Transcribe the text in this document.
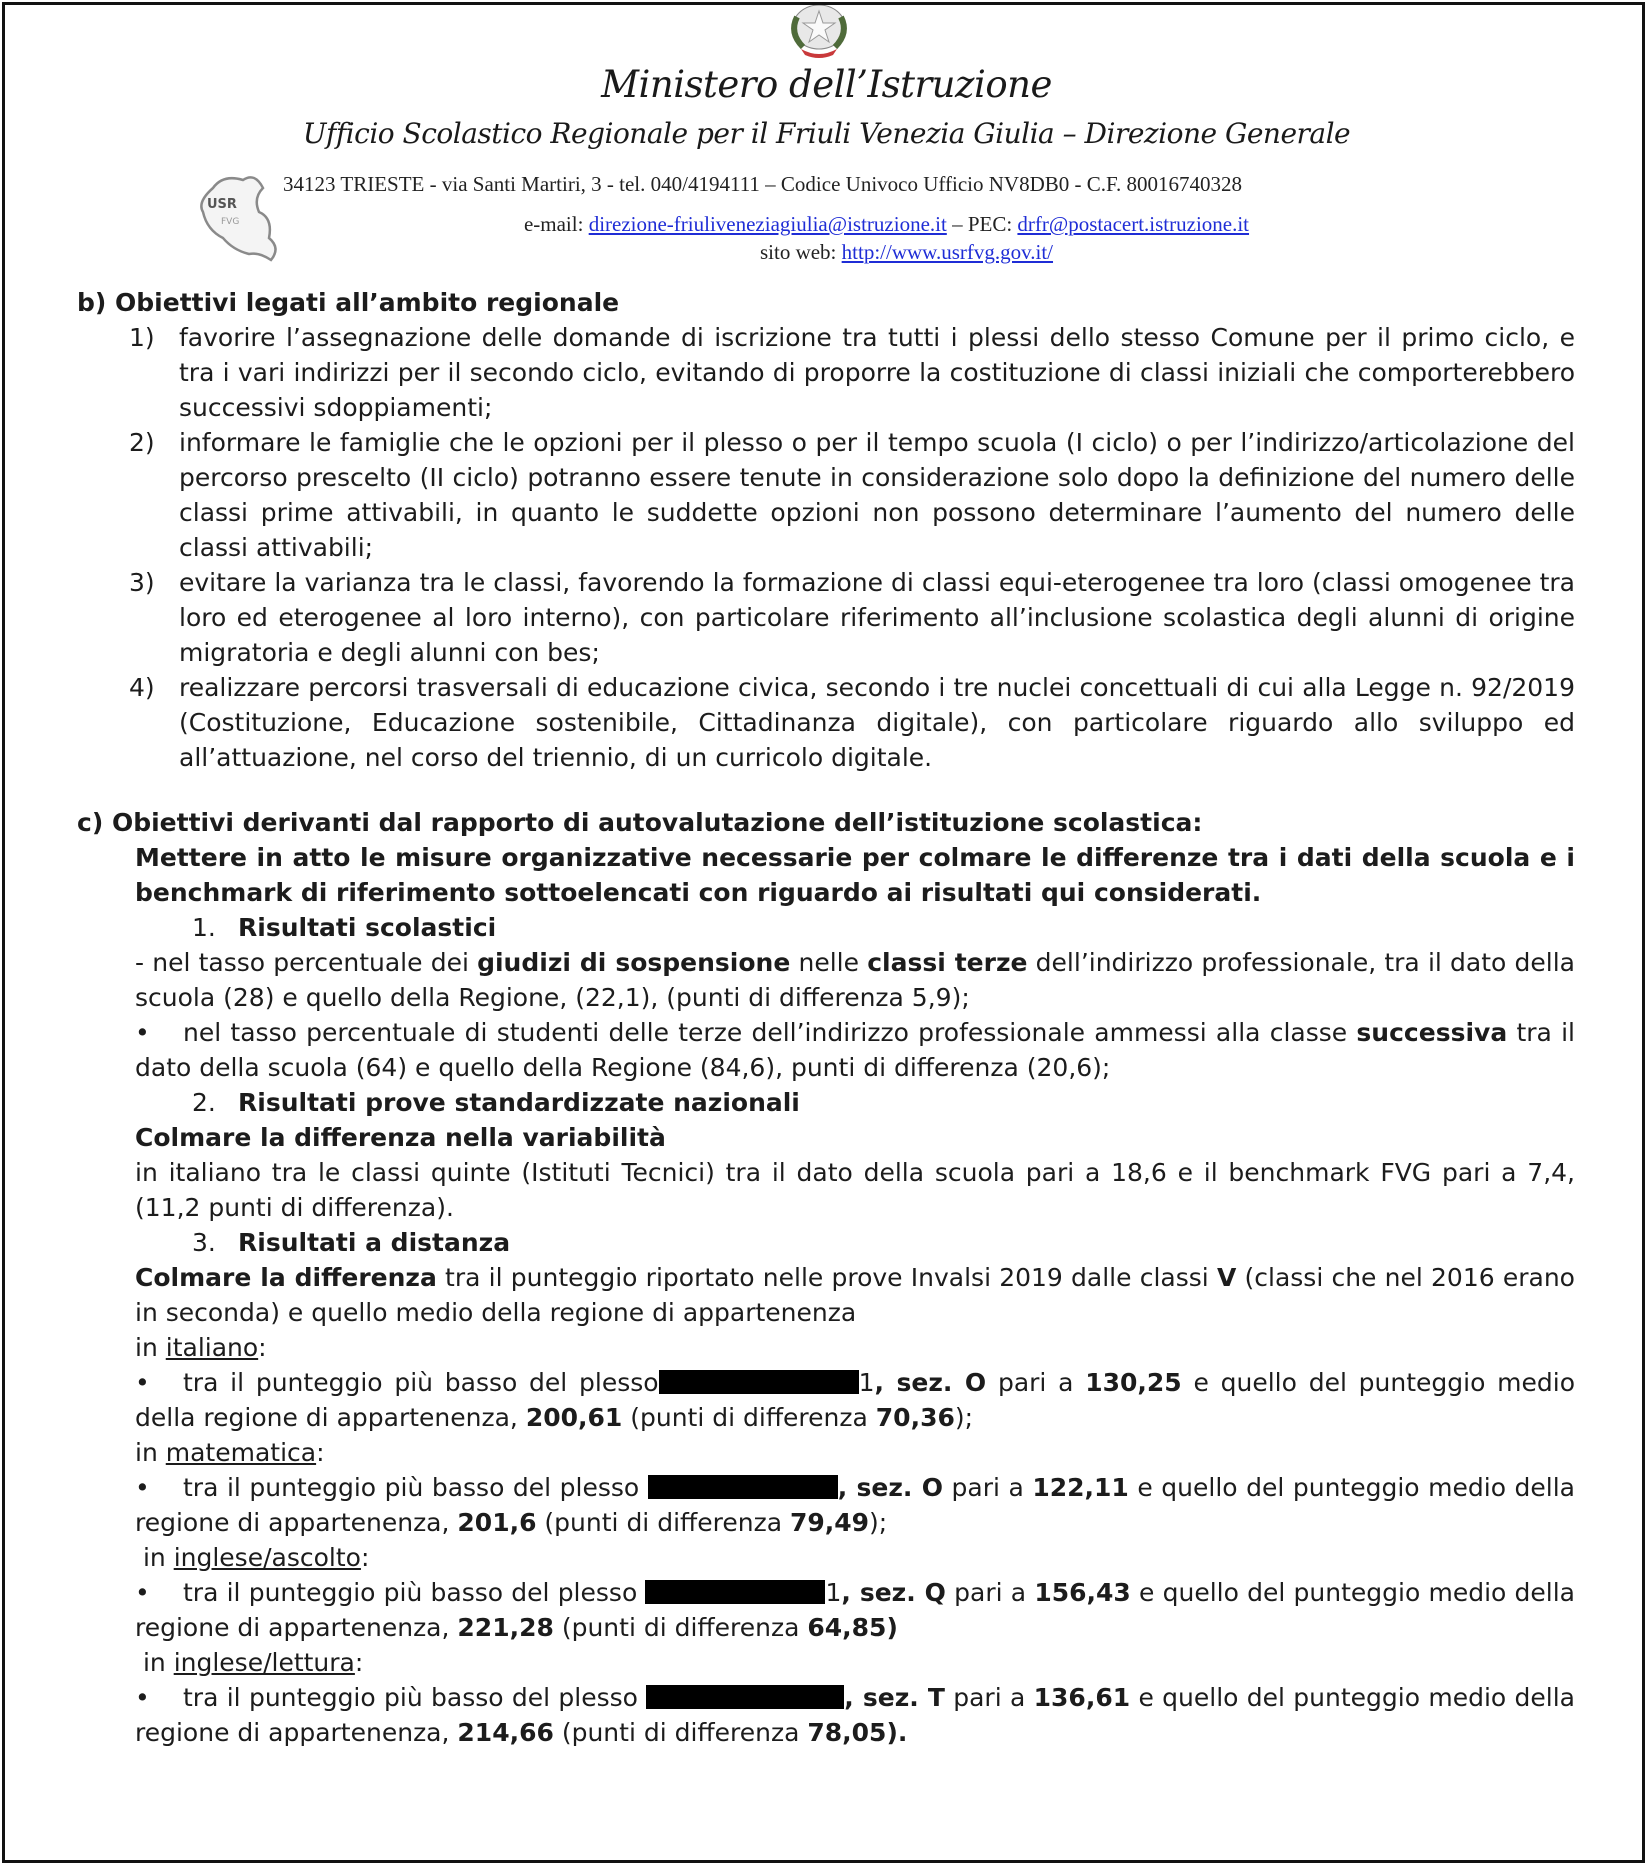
Ministero dell’Istruzione
Ufficio Scolastico Regionale per il Friuli Venezia Giulia – Direzione Generale
USR
FVG
34123 TRIESTE - via Santi Martiri, 3 - tel. 040/4194111 – Codice Univoco Ufficio NV8DB0 - C.F. 80016740328
e-mail: direzione-friuliveneziagiulia@istruzione.it – PEC: drfr@postacert.istruzione.it
sito web: http://www.usrfvg.gov.it/

b) Obiettivi legati all’ambito regionale

1) favorire l’assegnazione delle domande di iscrizione tra tutti i plessi dello stesso Comune per il primo ciclo, e tra i vari indirizzi per il secondo ciclo, evitando di proporre la costituzione di classi iniziali che comporterebbero successivi sdoppiamenti;
2) informare le famiglie che le opzioni per il plesso o per il tempo scuola (I ciclo) o per l’indirizzo/articolazione del percorso prescelto (II ciclo) potranno essere tenute in considerazione solo dopo la definizione del numero delle classi prime attivabili, in quanto le suddette opzioni non possono determinare l’aumento del numero delle classi attivabili;
3) evitare la varianza tra le classi, favorendo la formazione di classi equi-eterogenee tra loro (classi omogenee tra loro ed eterogenee al loro interno), con particolare riferimento all’inclusione scolastica degli alunni di origine migratoria e degli alunni con bes;
4) realizzare percorsi trasversali di educazione civica, secondo i tre nuclei concettuali di cui alla Legge n. 92/2019 (Costituzione, Educazione sostenibile, Cittadinanza digitale), con particolare riguardo allo sviluppo ed all’attuazione, nel corso del triennio, di un curricolo digitale.

c) Obiettivi derivanti dal rapporto di autovalutazione dell’istituzione scolastica:

Mettere in atto le misure organizzative necessarie per colmare le differenze tra i dati della scuola e i benchmark di riferimento sottoelencati con riguardo ai risultati qui considerati.
1. Risultati scolastici
- nel tasso percentuale dei giudizi di sospensione nelle classi terze dell’indirizzo professionale, tra il dato della scuola (28) e quello della Regione, (22,1), (punti di differenza 5,9);
• nel tasso percentuale di studenti delle terze dell’indirizzo professionale ammessi alla classe successiva tra il dato della scuola (64) e quello della Regione (84,6), punti di differenza (20,6);
2. Risultati prove standardizzate nazionali
Colmare la differenza nella variabilità
in italiano tra le classi quinte (Istituti Tecnici) tra il dato della scuola pari a 18,6 e il benchmark FVG pari a 7,4, (11,2 punti di differenza).
3. Risultati a distanza
Colmare la differenza tra il punteggio riportato nelle prove Invalsi 2019 dalle classi V (classi che nel 2016 erano in seconda) e quello medio della regione di appartenenza
in italiano:
• tra il punteggio più basso del plesso	1, sez. O pari a 130,25 e quello del punteggio medio della regione di appartenenza, 200,61 (punti di differenza 70,36);
in matematica:
• tra il punteggio più basso del plesso	, sez. O pari a 122,11 e quello del punteggio medio della regione di appartenenza, 201,6 (punti di differenza 79,49);
in inglese/ascolto:
• tra il punteggio più basso del plesso	1, sez. Q pari a 156,43 e quello del punteggio medio della regione di appartenenza, 221,28 (punti di differenza 64,85)
in inglese/lettura:
• tra il punteggio più basso del plesso	, sez. T pari a 136,61 e quello del punteggio medio della regione di appartenenza, 214,66 (punti di differenza 78,05).
